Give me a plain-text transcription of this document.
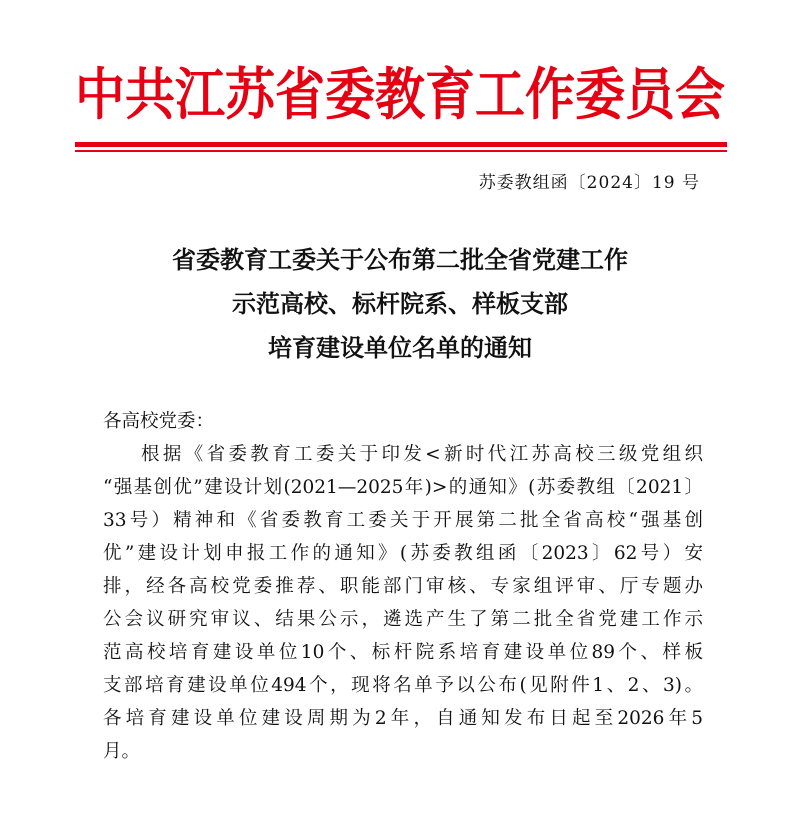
中共江苏省委教育工作委员会
苏委教组函〔2024〕19 号
省委教育工委关于公布第二批全省党建工作
示范高校、标杆院系、样板支部
培育建设单位名单的通知
各高校党委：
根据《省委教育工委关于印发<新时代江苏高校三级党组织
“强基创优”建设计划(2021—2025年)>的通知》(苏委教组〔2021〕
33号）精神和《省委教育工委关于开展第二批全省高校“强基创
优”建设计划申报工作的通知》(苏委教组函〔2023〕62号）安
排，经各高校党委推荐、职能部门审核、专家组评审、厅专题办
公会议研究审议、结果公示，遴选产生了第二批全省党建工作示
范高校培育建设单位10个、标杆院系培育建设单位89个、样板
支部培育建设单位494个，现将名单予以公布(见附件1、2、3)。
各培育建设单位建设周期为2年，自通知发布日起至2026年5
月。
